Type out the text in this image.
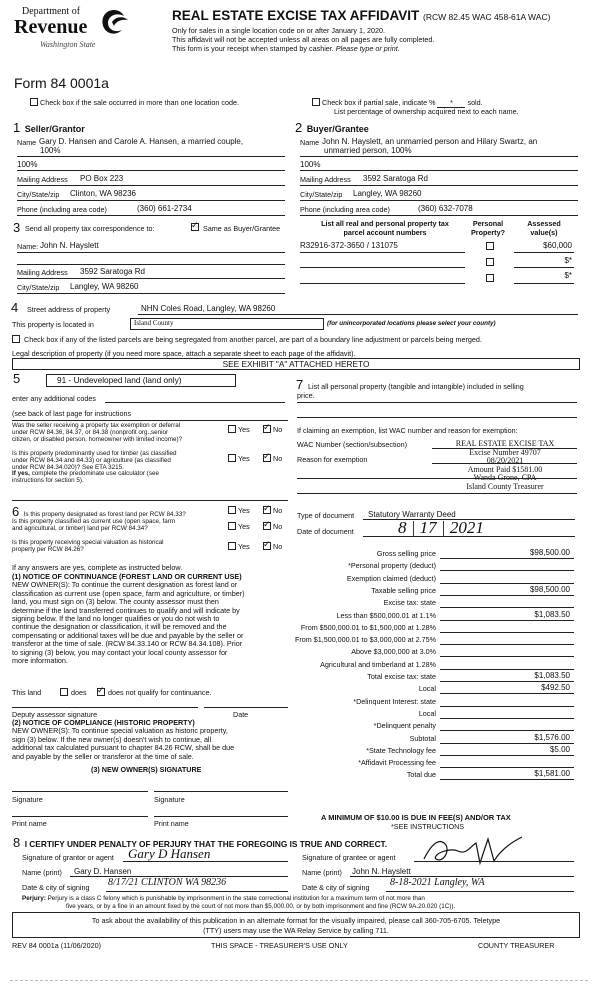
Department of
Revenue
Washington State
Form 84 0001a
REAL ESTATE EXCISE TAX AFFIDAVIT (RCW 82.45 WAC 458-61A WAC)
Only for sales in a single location code on or after January 1, 2020.
This affidavit will not be accepted unless all areas on all pages are fully completed.
This form is your receipt when stamped by cashier. Please type or print.
Check box if the sale occurred in more than one location code.	Check box if partial sale, indicate % * sold.
List percentage of ownership acquired next to each name.
1 Seller/Grantor
Name Gary D. Hansen and Carole A. Hansen, a married couple,
100%
100%
Mailing Address PO Box 223
City/State/zip Clinton, WA 98236
Phone (including area code)	(360) 661-2734
2 Buyer/Grantee
Name John N. Hayslett, an unmarried person and Hilary Swartz, an
unmarried person, 100%
100%
Mailing Address 3592 Saratoga Rd
City/State/zip Langley, WA 98260
Phone (including area code)	(360) 632-7078
3 Send all property tax correspondence to: ✓	Same as Buyer/Grantee
Name: John N. Hayslett
Mailing Address 3592 Saratoga Rd
City/State/zip Langley, WA 98260
List all real and personal property tax
parcel account numbers
Personal
Property?
Assessed
value(s)
R32916-372-3650 / 131075	$60,000
$*
$*
4 Street address of property	NHN Coles Road, Langley, WA 98260
This property is located in	Island County	(for unincorporated locations please select your county)
Check box if any of the listed parcels are being segregated from another parcel, are part of a boundary line adjustment or parcels being merged.
Legal description of property (if you need more space, attach a separate sheet to each page of the affidavit).
SEE EXHIBIT "A" ATTACHED HERETO
5	91 - Undeveloped land (land only)
enter any additional codes
(see back of last page for instructions
Was the seller receiving a property tax exemption or deferral
under RCW 84.36, 84.37, or 84.38 (nonprofit org.,senior
citizen, or disabled person, homeowner with limited income)?
Yes ✓	No
Is this property predominantly used for timber (as classified
under RCW 84.34 and 84.33) or agriculture (as classified
under RCW 84.34.020)? See ETA 3215.
If yes, complete the predominate use calculator (see
instructions for section 5).
Yes ✓	No
7 List all personal property (tangible and intangible) included in selling
price.
If claiming an exemption, list WAC number and reason for exemption:
WAC Number (section/subsection)
Reason for exemption
REAL ESTATE EXCISE TAX
Excise Number 49707
08/20/2021
Amount Paid $1581.00
Wanda Grone, CPA
Island County Treasurer
6 Is this property designated as forest land per RCW 84.33?	Yes ✓	No
Is this property classified as current use (open space, farm
and agricultural, or timber) land per RCW 84.34?	Yes ✓	No
Is this property receiving special valuation as historical
property per RCW 84.26?	Yes ✓	No
If any answers are yes, complete as instructed below.
(1) NOTICE OF CONTINUANCE (FOREST LAND OR CURRENT USE)
NEW OWNER(S): To continue the current designation as forest land or
classification as current use (open space, farm and agriculture, or timber)
land, you must sign on (3) below. The county assessor must then
determine if the land transferred continues to qualify and will indicate by
signing below. If the land no longer qualifies or you do not wish to
continue the designation or classification, it will be removed and the
compensating or additional taxes will be due and payable by the seller or
transferor at the time of sale. (RCW 84.33.140 or RCW 84.34.108). Prior
to signing (3) below, you may contact your local county assessor for
more information.
This land	does ✓	does not qualify for continuance.
Deputy assessor signature	Date
(2) NOTICE OF COMPLIANCE (HISTORIC PROPERTY)
NEW OWNER(S): To continue special valuation as historic property,
sign (3) below. If the new owner(s) doesn't wish to continue, all
additional tax calculated pursuant to chapter 84.26 RCW, shall be due
and payable by the seller or transferor at the time of sale.
(3) NEW OWNER(S) SIGNATURE
Signature	Signature
Print name	Print name
Type of document Statutory Warranty Deed
Date of document	8 | 17 | 2021
Gross selling price	$98,500.00
*Personal property (deduct)
Exemption claimed (deduct)
Taxable selling price	$98,500.00
Excise tax: state
Less than $500,000.01 at 1.1%	$1,083.50
From $500,000.01 to $1,500,000 at 1.28%
From $1,500,000.01 to $3,000,000 at 2.75%
Above $3,000,000 at 3.0%
Agricultural and timberland at 1.28%
Total excise tax: state	$1,083.50
Local	$492.50
*Delinquent Interest: state
Local
*Delinquent penalty
Subtotal	$1,576.00
*State Technology fee	$5.00
*Affidavit Processing fee
Total due	$1,581.00
A MINIMUM OF $10.00 IS DUE IN FEE(S) AND/OR TAX
*SEE INSTRUCTIONS
8 I CERTIFY UNDER PENALTY OF PERJURY THAT THE FOREGOING IS TRUE AND CORRECT.
Signature of grantor or agent Gary D Hansen	Signature of grantee or agent
Name (print) Gary D. Hansen	Name (print) John N. Hayslett
Date & city of signing 8/17/21 CLINTON WA 98236	Date & city of signing 8-18-2021 Langley, WA
Perjury: Perjury is a class C felony which is punishable by imprisonment in the state correctional institution for a maximum term of not more than
five years, or by a fine in an amount fixed by the court of not more than $5,000.00, or by both imprisonment and fine (RCW 9A.20.020 (1C)).
To ask about the availability of this publication in an alternate format for the visually impaired, please call 360-705-6705. Teletype
(TTY) users may use the WA Relay Service by calling 711.
REV 84 0001a (11/06/2020)	THIS SPACE - TREASURER'S USE ONLY	COUNTY TREASURER
